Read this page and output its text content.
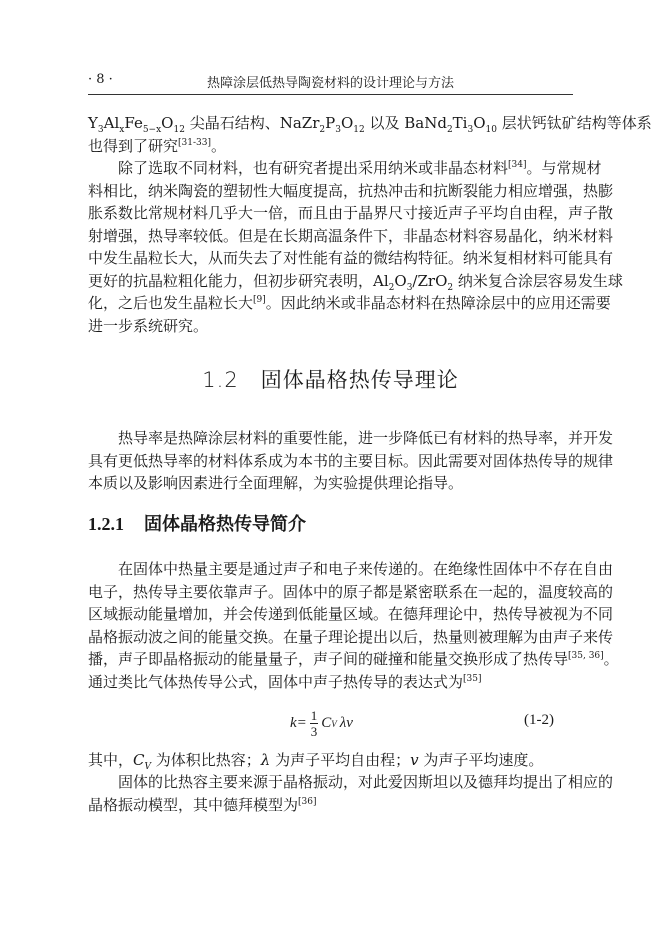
· 8 ·	热障涂层低热导陶瓷材料的设计理论与方法
$Y_3Al_xFe_{5-x}O_{12}$ 尖晶石结构、$NaZr_2P_3O_{12}$ 以及 $BaNd_2Ti_3O_{10}$ 层状钙钛矿结构等体系
也得到了研究[31-33]。
除了选取不同材料，也有研究者提出采用纳米或非晶态材料[34]。与常规材
料相比，纳米陶瓷的塑韧性大幅度提高，抗热冲击和抗断裂能力相应增强，热膨
胀系数比常规材料几乎大一倍，而且由于晶界尺寸接近声子平均自由程，声子散
射增强，热导率较低。但是在长期高温条件下，非晶态材料容易晶化，纳米材料
中发生晶粒长大，从而失去了对性能有益的微结构特征。纳米复相材料可能具有
更好的抗晶粒粗化能力，但初步研究表明，$Al_2O_3/ZrO_2$ 纳米复合涂层容易发生球
化，之后也发生晶粒长大[9]。因此纳米或非晶态材料在热障涂层中的应用还需要
进一步系统研究。
热导率是热障涂层材料的重要性能，进一步降低已有材料的热导率，并开发
具有更低热导率的材料体系成为本书的主要目标。因此需要对固体热传导的规律
本质以及影响因素进行全面理解，为实验提供理论指导。
在固体中热量主要是通过声子和电子来传递的。在绝缘性固体中不存在自由
电子，热传导主要依靠声子。固体中的原子都是紧密联系在一起的，温度较高的
区域振动能量增加，并会传递到低能量区域。在德拜理论中，热传导被视为不同
晶格振动波之间的能量交换。在量子理论提出以后，热量则被理解为由声子来传
播，声子即晶格振动的能量量子，声子间的碰撞和能量交换形成了热传导[35, 36]。
通过类比气体热传导公式，固体中声子热传导的表达式为[35]
其中，$C_V$ 为体积比热容；λ 为声子平均自由程；v 为声子平均速度。
固体的比热容主要来源于晶格振动，对此爱因斯坦以及德拜均提出了相应的
晶格振动模型，其中德拜模型为[36]
1.2 固体晶格热传导理论
1.2.1 固体晶格热传导简介
$k= \frac{1}{3}$ C V λv	(1-2)
